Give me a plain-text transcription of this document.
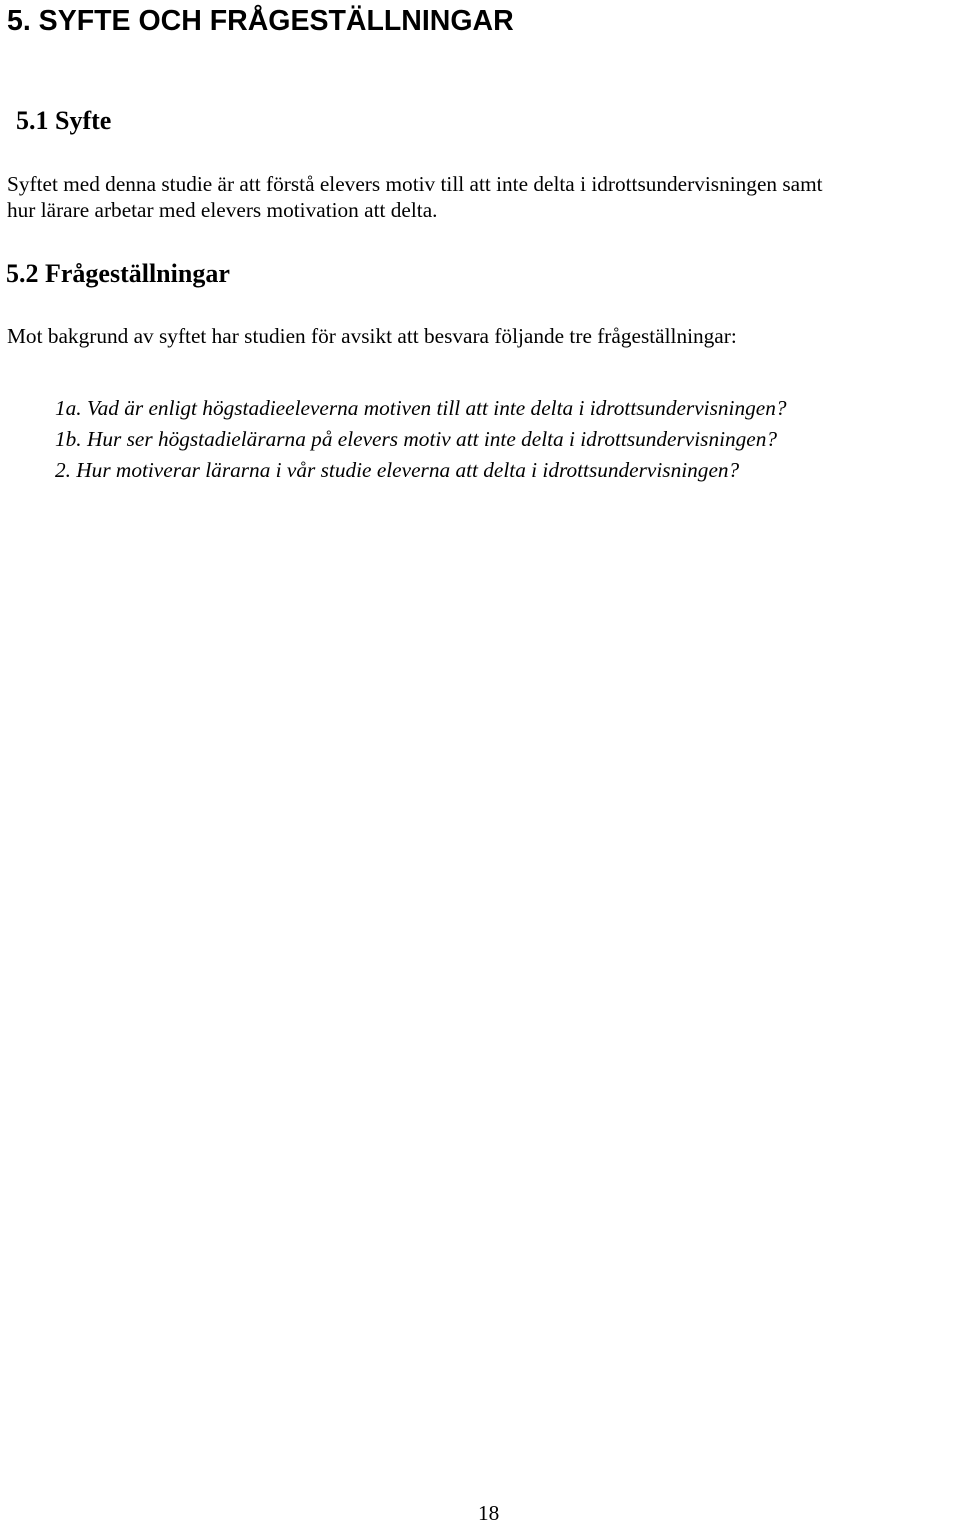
5. SYFTE OCH FRÅGESTÄLLNINGAR
5.1 Syfte

Syftet med denna studie är att förstå elevers motiv till att inte delta i idrottsundervisningen samt
hur lärare arbetar med elevers motivation att delta.

5.2 Frågeställningar

Mot bakgrund av syftet har studien för avsikt att besvara följande tre frågeställningar:

1a. Vad är enligt högstadieeleverna motiven till att inte delta i idrottsundervisningen?
1b. Hur ser högstadielärarna på elevers motiv att inte delta i idrottsundervisningen?
2. Hur motiverar lärarna i vår studie eleverna att delta i idrottsundervisningen?
18
